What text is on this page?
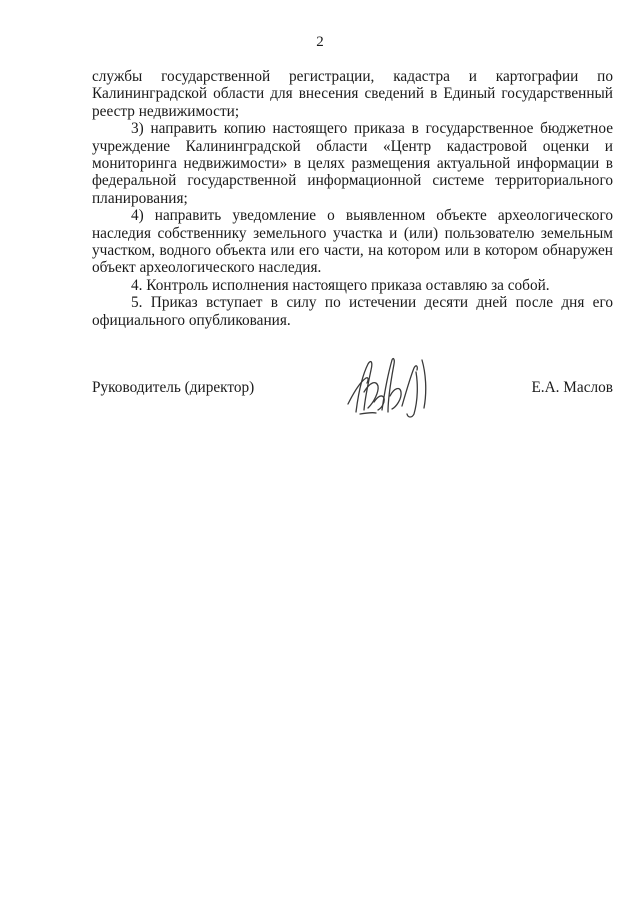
2

службы государственной регистрации, кадастра и картографии по Калининградской области для внесения сведений в Единый государственный реестр недвижимости;

3) направить копию настоящего приказа в государственное бюджетное учреждение Калининградской области «Центр кадастровой оценки и мониторинга недвижимости» в целях размещения актуальной информации в федеральной государственной информационной системе территориального планирования;

4) направить уведомление о выявленном объекте археологического наследия собственнику земельного участка и (или) пользователю земельным участком, водного объекта или его части, на котором или в котором обнаружен объект археологического наследия.

4. Контроль исполнения настоящего приказа оставляю за собой.

5. Приказ вступает в силу по истечении десяти дней после дня его официального опубликования.

Руководитель (директор)	Е.А. Маслов
